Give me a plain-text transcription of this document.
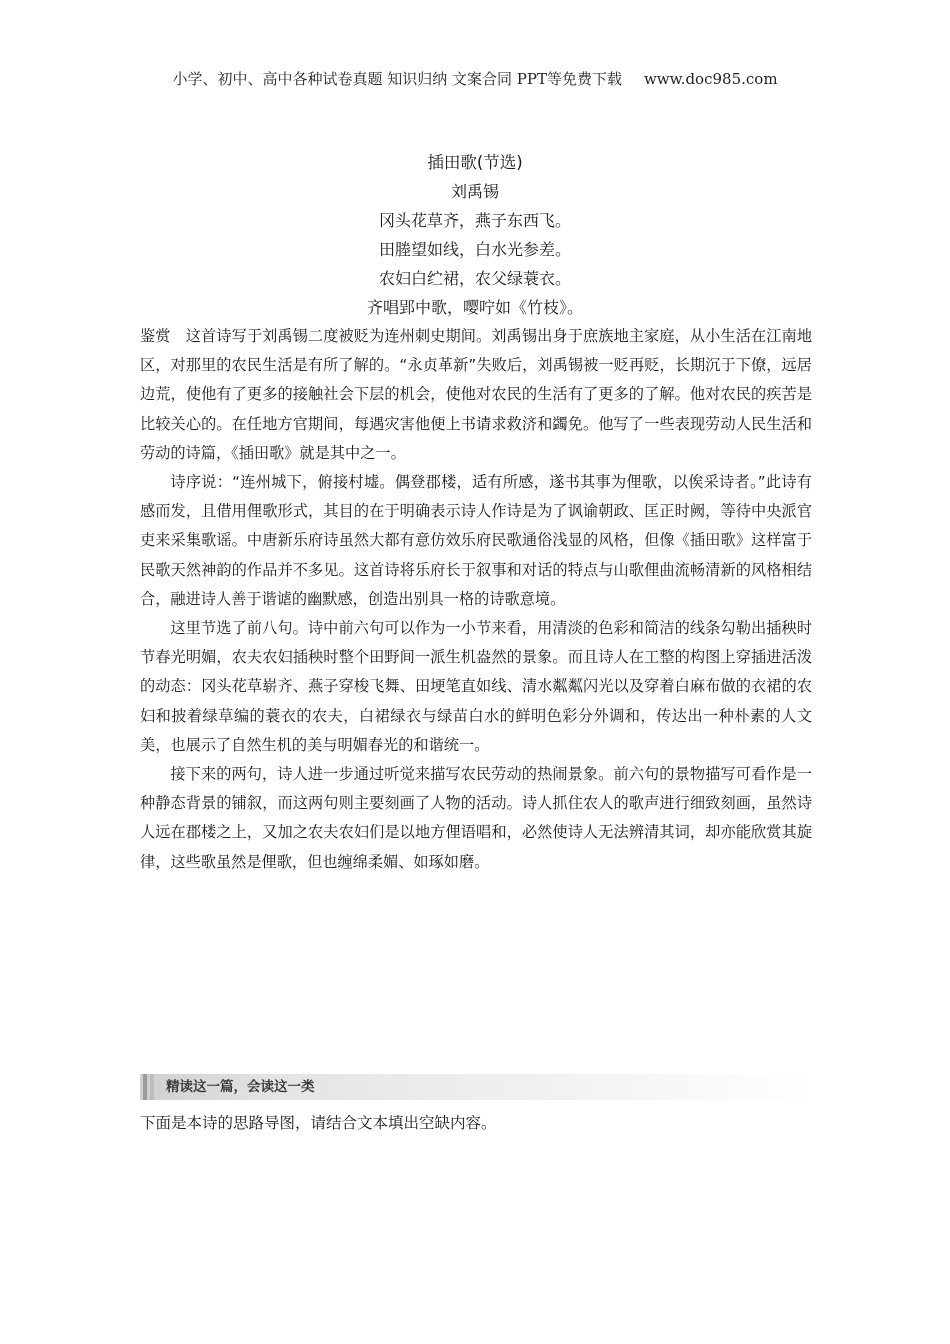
小学、初中、高中各种试卷真题 知识归纳 文案合同 PPT等免费下载 www.doc985.com
插田歌(节选)
刘禹锡
冈头花草齐，燕子东西飞。
田塍望如线，白水光参差。
农妇白纻裙，农父绿蓑衣。
齐唱郢中歌，嘤咛如《竹枝》。

鉴赏 这首诗写于刘禹锡二度被贬为连州刺史期间。刘禹锡出身于庶族地主家庭，从小生活在江南地区，对那里的农民生活是有所了解的。“永贞革新”失败后，刘禹锡被一贬再贬，长期沉于下僚，远居边荒，使他有了更多的接触社会下层的机会，使他对农民的生活有了更多的了解。他对农民的疾苦是比较关心的。在任地方官期间，每遇灾害他便上书请求救济和蠲免。他写了一些表现劳动人民生活和劳动的诗篇，《插田歌》就是其中之一。

诗序说：“连州城下，俯接村墟。偶登郡楼，适有所感，遂书其事为俚歌，以俟采诗者。”此诗有感而发，且借用俚歌形式，其目的在于明确表示诗人作诗是为了讽谕朝政、匡正时阙，等待中央派官吏来采集歌谣。中唐新乐府诗虽然大都有意仿效乐府民歌通俗浅显的风格，但像《插田歌》这样富于民歌天然神韵的作品并不多见。这首诗将乐府长于叙事和对话的特点与山歌俚曲流畅清新的风格相结合，融进诗人善于谐谑的幽默感，创造出别具一格的诗歌意境。

这里节选了前八句。诗中前六句可以作为一小节来看，用清淡的色彩和简洁的线条勾勒出插秧时节春光明媚，农夫农妇插秧时整个田野间一派生机盎然的景象。而且诗人在工整的构图上穿插进活泼的动态：冈头花草崭齐、燕子穿梭飞舞、田埂笔直如线、清水粼粼闪光以及穿着白麻布做的衣裙的农妇和披着绿草编的蓑衣的农夫，白裙绿衣与绿苗白水的鲜明色彩分外调和，传达出一种朴素的人文美，也展示了自然生机的美与明媚春光的和谐统一。

接下来的两句，诗人进一步通过听觉来描写农民劳动的热闹景象。前六句的景物描写可看作是一种静态背景的铺叙，而这两句则主要刻画了人物的活动。诗人抓住农人的歌声进行细致刻画，虽然诗人远在郡楼之上，又加之农夫农妇们是以地方俚语唱和，必然使诗人无法辨清其词，却亦能欣赏其旋律，这些歌虽然是俚歌，但也缠绵柔媚、如琢如磨。

精读这一篇，会读这一类
下面是本诗的思路导图，请结合文本填出空缺内容。
